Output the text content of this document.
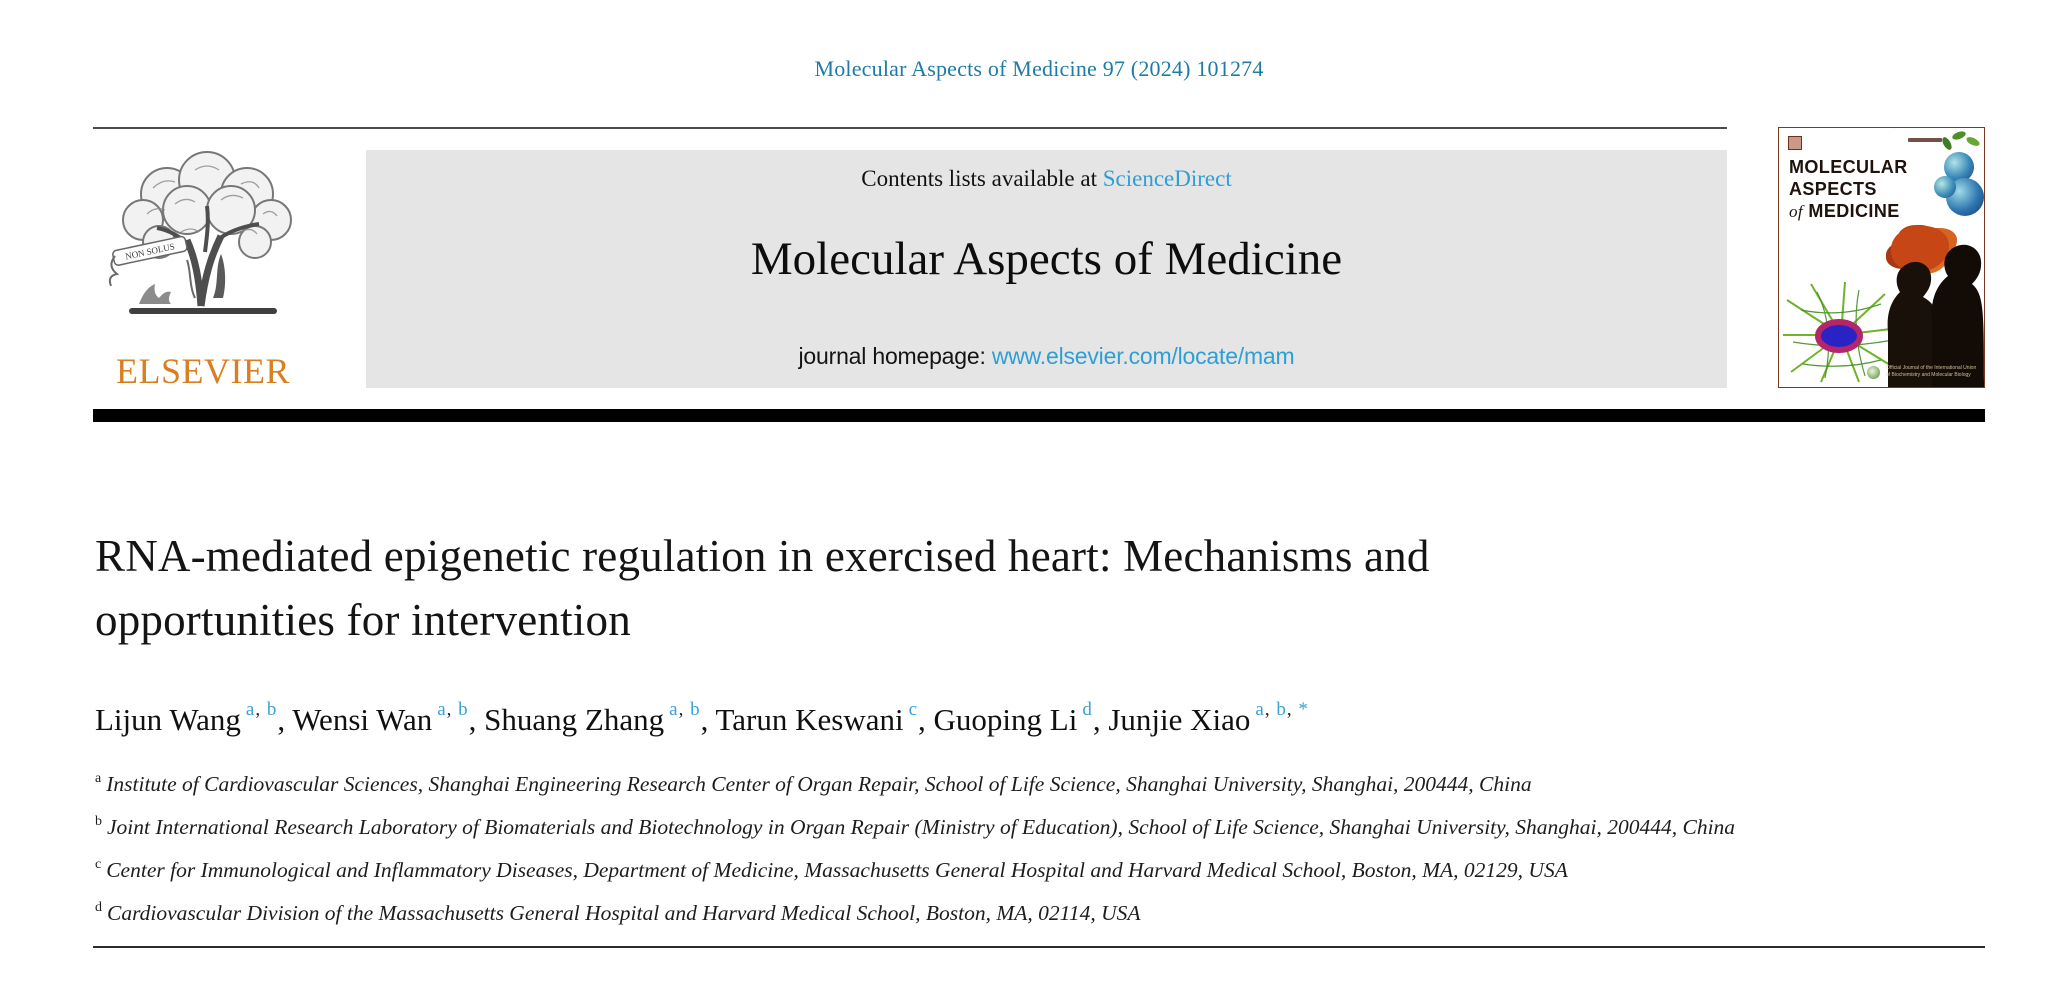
Molecular Aspects of Medicine 97 (2024) 101274
NON SOLUS
ELSEVIER
Contents lists available at ScienceDirect
Molecular Aspects of Medicine
journal homepage: www.elsevier.com/locate/mam
MOLECULAR
ASPECTS
of MEDICINE
Official Journal of the International Union
of Biochemistry and Molecular Biology
RNA-mediated epigenetic regulation in exercised heart: Mechanisms and
opportunities for intervention
Lijun Wang $^{a, b}$, Wensi Wan $^{a, b}$, Shuang Zhang $^{a, b}$, Tarun Keswani $^c$, Guoping Li $^d$, Junjie Xiao $^{a, b, *}$
$^a$ Institute of Cardiovascular Sciences, Shanghai Engineering Research Center of Organ Repair, School of Life Science, Shanghai University, Shanghai, 200444, China
$^b$ Joint International Research Laboratory of Biomaterials and Biotechnology in Organ Repair (Ministry of Education), School of Life Science, Shanghai University, Shanghai, 200444, China
$^c$ Center for Immunological and Inflammatory Diseases, Department of Medicine, Massachusetts General Hospital and Harvard Medical School, Boston, MA, 02129, USA
$^d$ Cardiovascular Division of the Massachusetts General Hospital and Harvard Medical School, Boston, MA, 02114, USA
